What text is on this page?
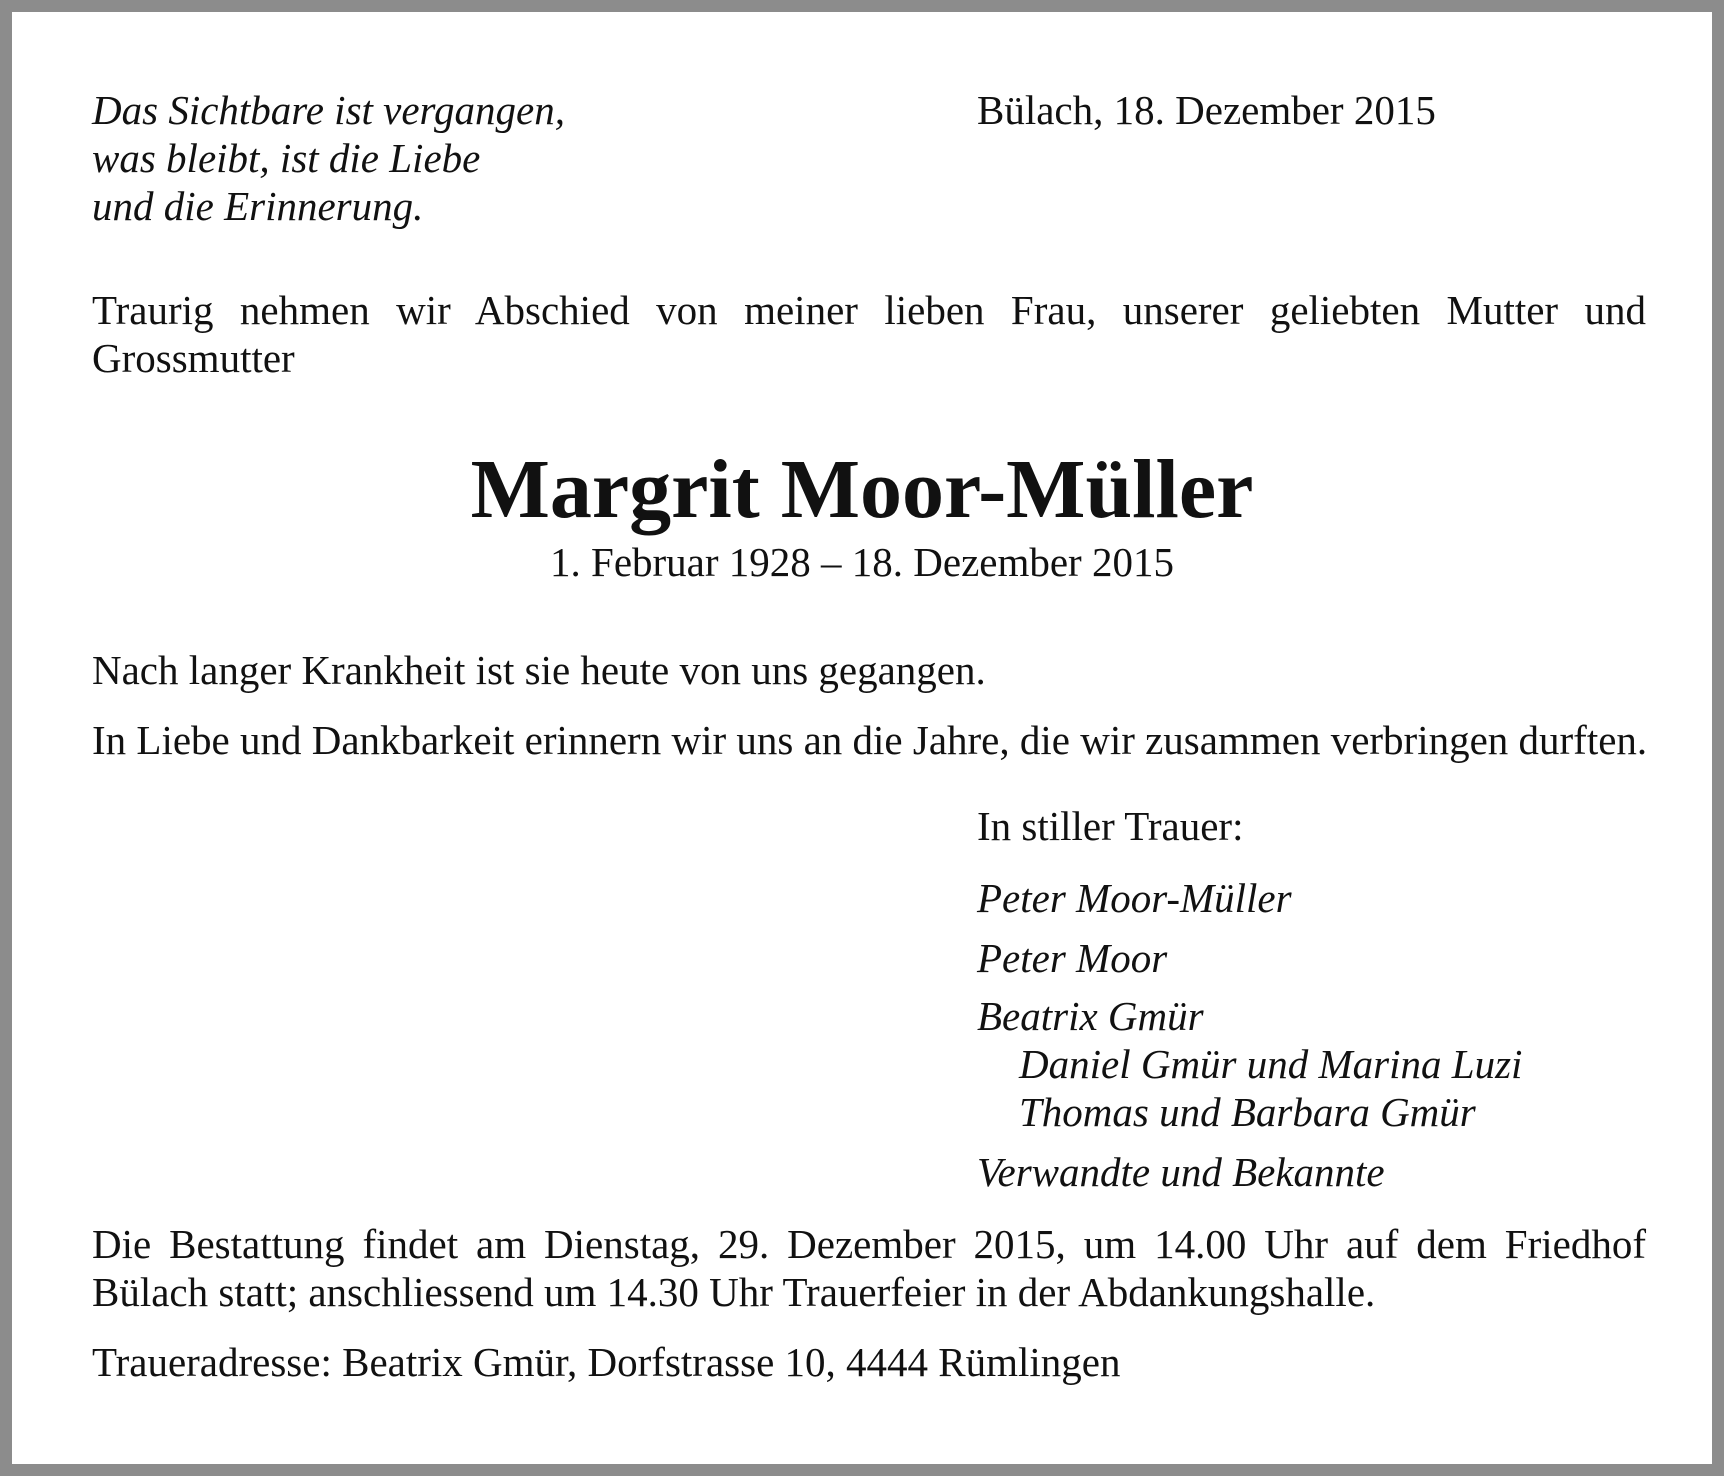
Das Sichtbare ist vergangen,
was bleibt, ist die Liebe
und die Erinnerung.

Bülach, 18. Dezember 2015

Traurig nehmen wir Abschied von meiner lieben Frau, unserer geliebten Mutter und
Grossmutter

Margrit Moor-Müller

1. Februar 1928 – 18. Dezember 2015

Nach langer Krankheit ist sie heute von uns gegangen.

In Liebe und Dankbarkeit erinnern wir uns an die Jahre, die wir zusammen verbringen durften.

In stiller Trauer:

Peter Moor-Müller

Peter Moor

Beatrix Gmür

Daniel Gmür und Marina Luzi

Thomas und Barbara Gmür

Verwandte und Bekannte

Die Bestattung findet am Dienstag, 29. Dezember 2015, um 14.00 Uhr auf dem Friedhof
Bülach statt; anschliessend um 14.30 Uhr Trauerfeier in der Abdankungshalle.

Traueradresse: Beatrix Gmür, Dorfstrasse 10, 4444 Rümlingen
